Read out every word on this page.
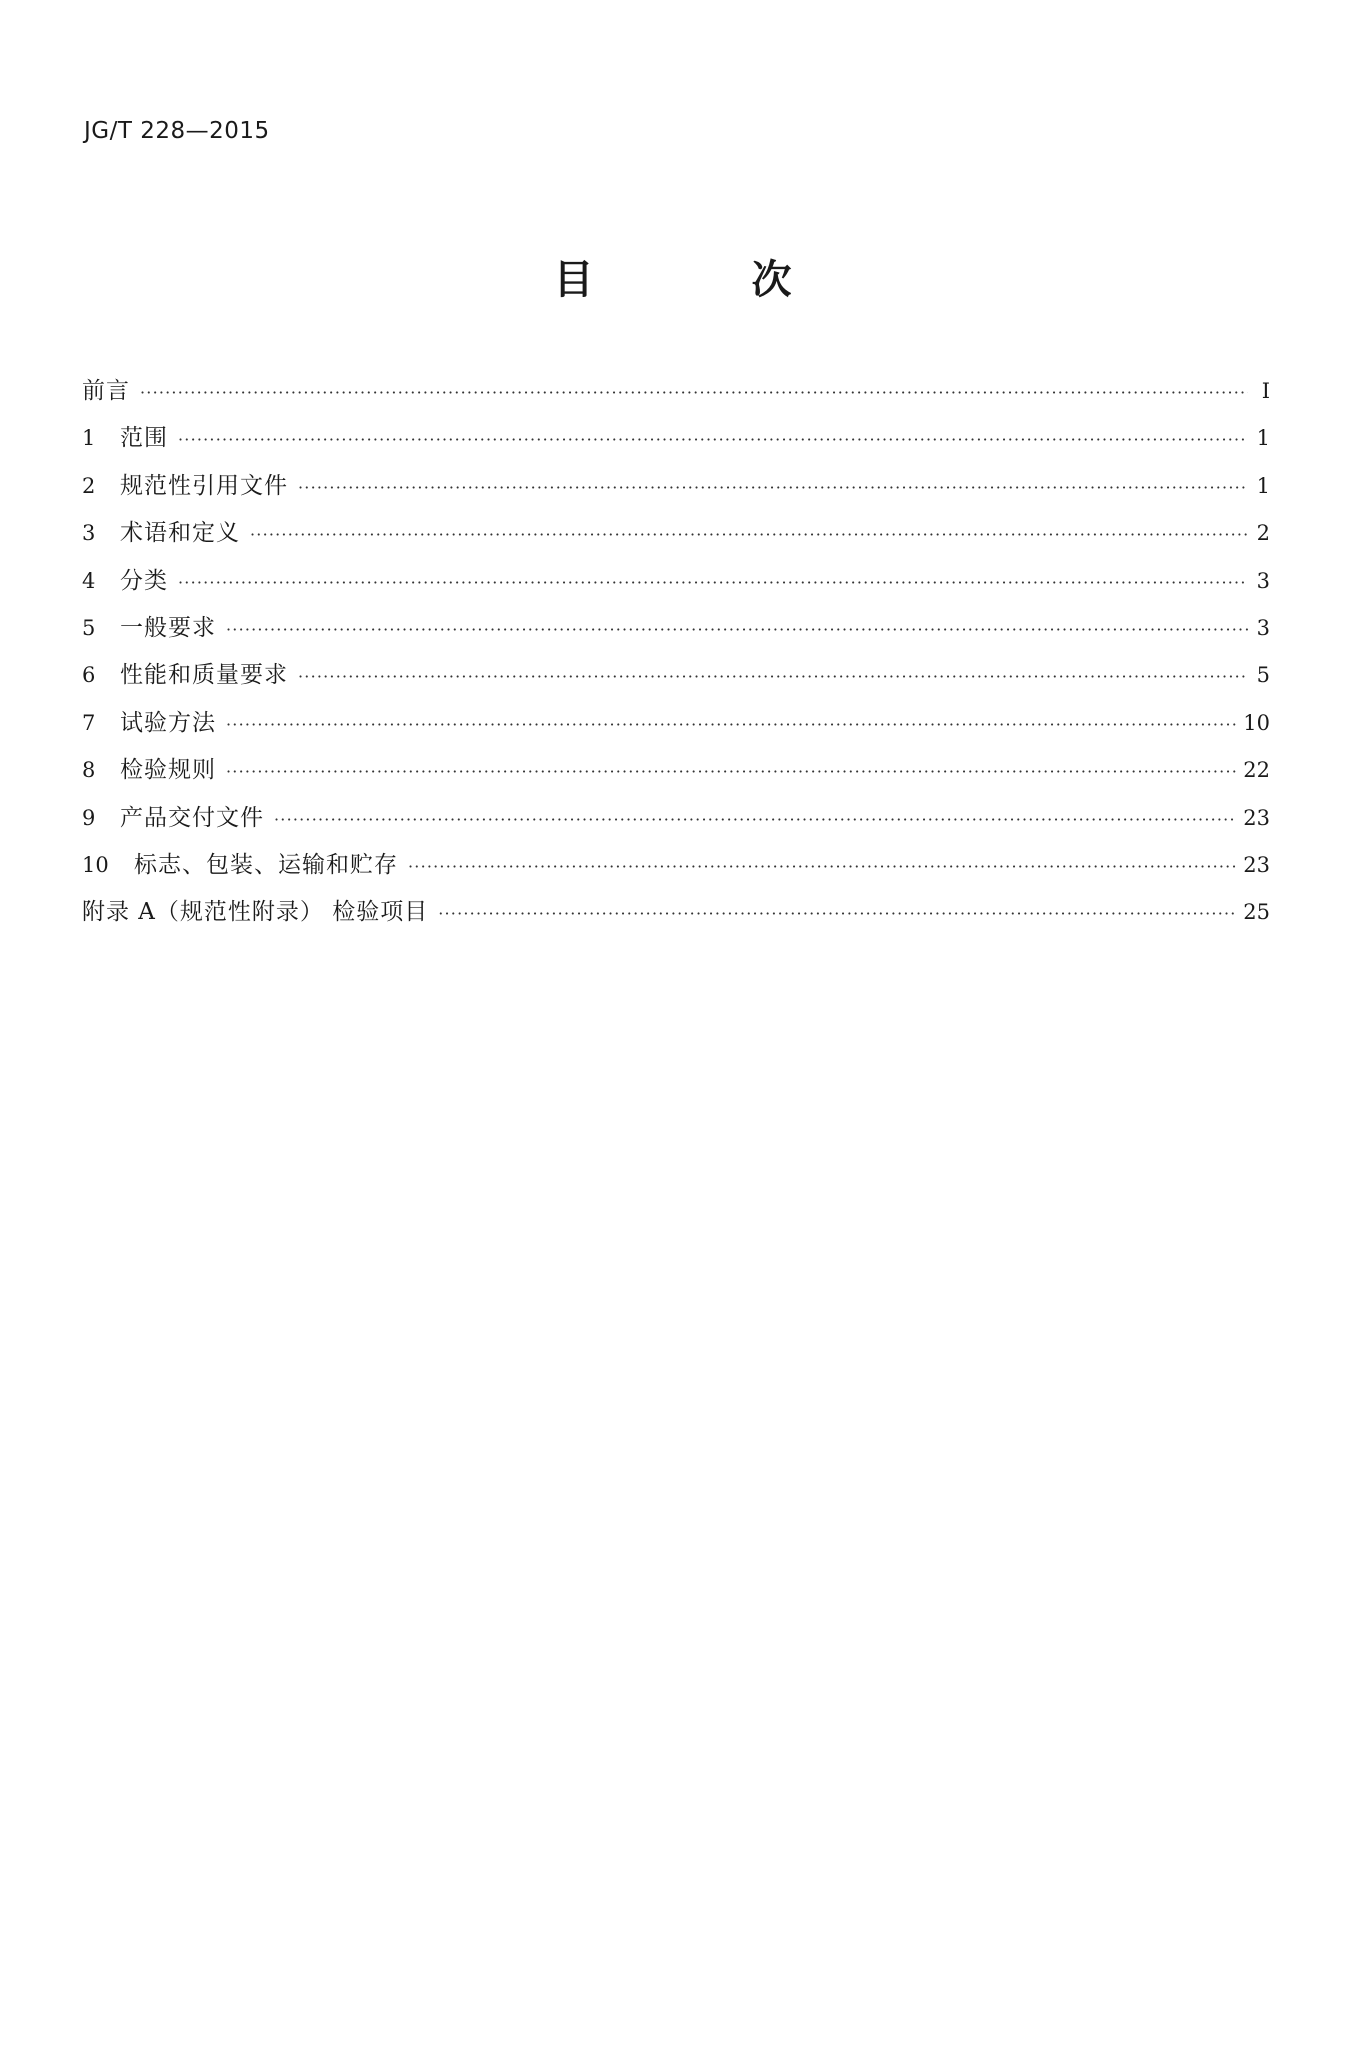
JG/T 228—2015
目 次
前言 ·····	Ⅰ
1	范围 ·····	1
2	规范性引用文件 ·····	1
3	术语和定义 ·····	2
4	分类 ·····	3
5	一般要求 ·····	3
6	性能和质量要求 ·····	5
7	试验方法 ·····	10
8	检验规则 ·····	22
9	产品交付文件 ·····	23
10	标志、包装、运输和贮存 ·····	23
附录 A（规范性附录） 检验项目 ·····	25
